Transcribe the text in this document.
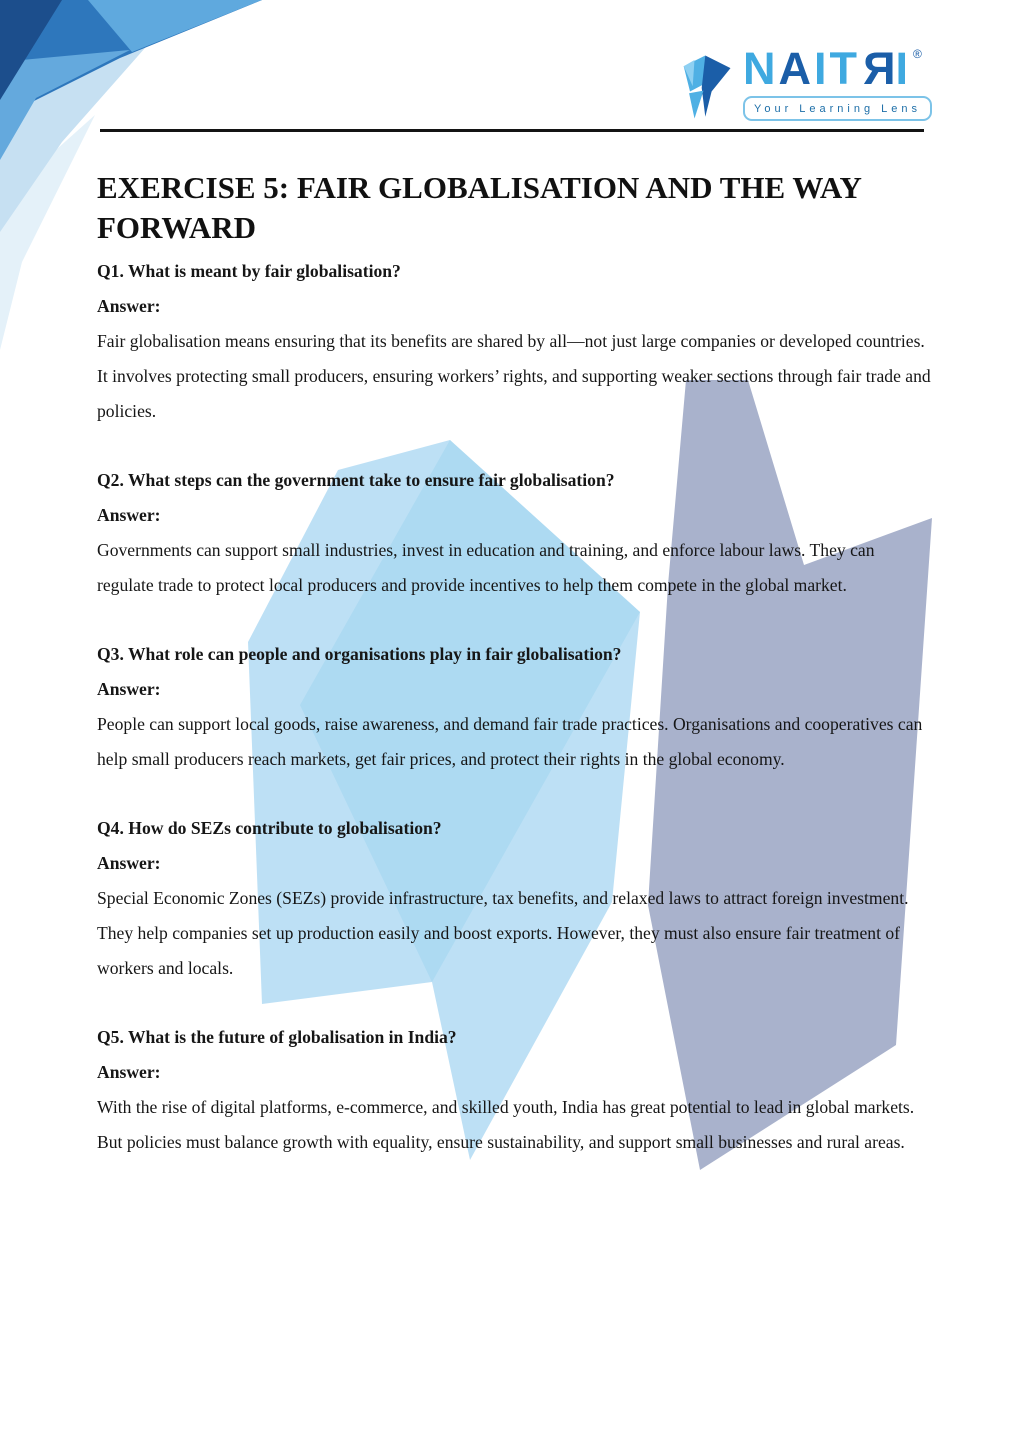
NAITRI ®
Your Learning Lens
EXERCISE 5: FAIR GLOBALISATION AND THE WAY FORWARD

Q1. What is meant by fair globalisation?

Answer:

Fair globalisation means ensuring that its benefits are shared by all—not just large companies or developed countries. It involves protecting small producers, ensuring workers’ rights, and supporting weaker sections through fair trade and policies.

Q2. What steps can the government take to ensure fair globalisation?

Answer:

Governments can support small industries, invest in education and training, and enforce labour laws. They can regulate trade to protect local producers and provide incentives to help them compete in the global market.

Q3. What role can people and organisations play in fair globalisation?

Answer:

People can support local goods, raise awareness, and demand fair trade practices. Organisations and cooperatives can help small producers reach markets, get fair prices, and protect their rights in the global economy.

Q4. How do SEZs contribute to globalisation?

Answer:

Special Economic Zones (SEZs) provide infrastructure, tax benefits, and relaxed laws to attract foreign investment. They help companies set up production easily and boost exports. However, they must also ensure fair treatment of workers and locals.

Q5. What is the future of globalisation in India?

Answer:

With the rise of digital platforms, e-commerce, and skilled youth, India has great potential to lead in global markets. But policies must balance growth with equality, ensure sustainability, and support small businesses and rural areas.
